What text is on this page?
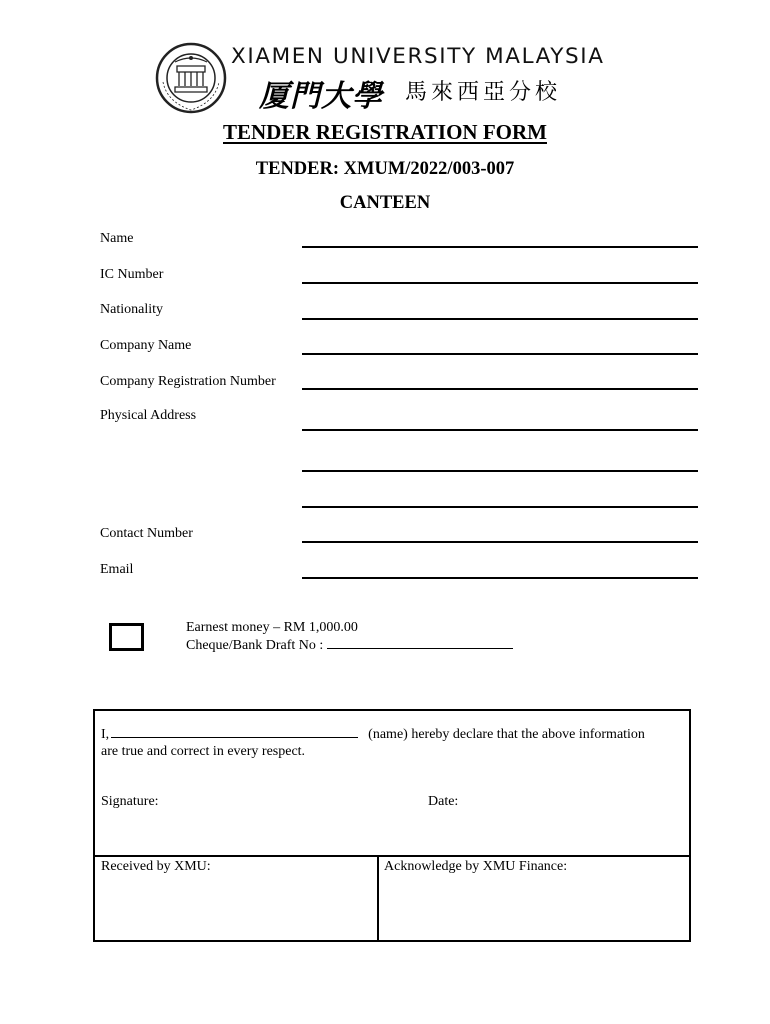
XIAMEN UNIVERSITY MALAYSIA
厦門大學 馬來西亞分校
TENDER REGISTRATION FORM
TENDER: XMUM/2022/003-007
CANTEEN
Name
IC Number
Nationality
Company Name
Company Registration Number
Physical Address
Contact Number
Email
Earnest money – RM 1,000.00
Cheque/Bank Draft No :
I,	(name) hereby declare that the above information
are true and correct in every respect.
Signature:	Date:
Received by XMU:	Acknowledge by XMU Finance:
